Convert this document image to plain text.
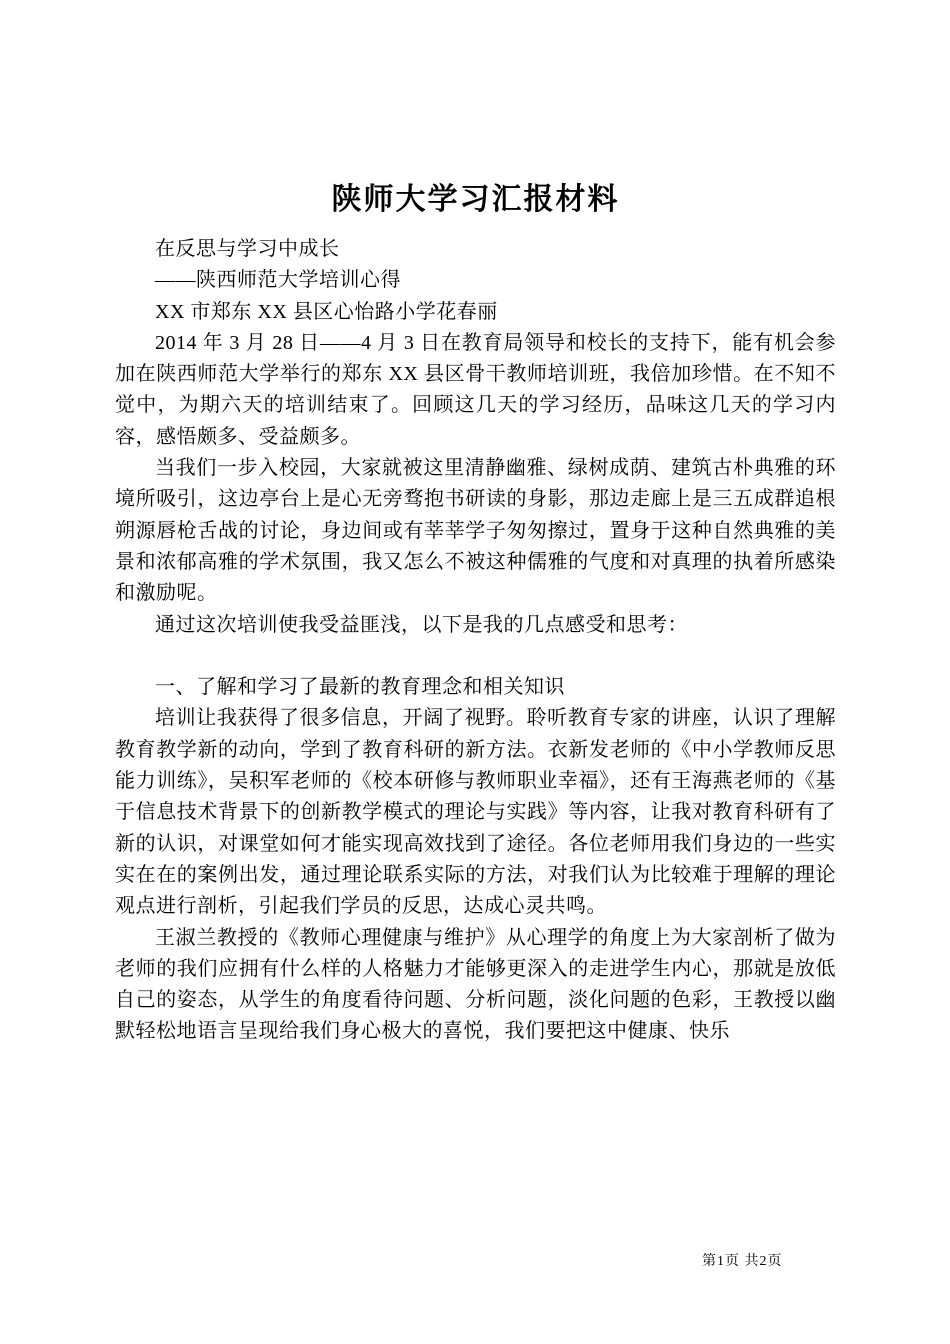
陕师大学习汇报材料

在反思与学习中成长

——陕西师范大学培训心得

XX 市郑东 XX 县区心怡路小学花春丽

2014 年 3 月 28 日——4 月 3 日在教育局领导和校长的支持下，能有机会参加在陕西师范大学举行的郑东 XX 县区骨干教师培训班，我倍加珍惜。在不知不觉中，为期六天的培训结束了。回顾这几天的学习经历，品味这几天的学习内容，感悟颇多、受益颇多。

当我们一步入校园，大家就被这里清静幽雅、绿树成荫、建筑古朴典雅的环境所吸引，这边亭台上是心无旁骛抱书研读的身影，那边走廊上是三五成群追根朔源唇枪舌战的讨论，身边间或有莘莘学子匆匆擦过，置身于这种自然典雅的美景和浓郁高雅的学术氛围，我又怎么不被这种儒雅的气度和对真理的执着所感染和激励呢。

通过这次培训使我受益匪浅，以下是我的几点感受和思考：

一、了解和学习了最新的教育理念和相关知识

培训让我获得了很多信息，开阔了视野。聆听教育专家的讲座，认识了理解教育教学新的动向，学到了教育科研的新方法。衣新发老师的《中小学教师反思能力训练》，吴积军老师的《校本研修与教师职业幸福》，还有王海燕老师的《基于信息技术背景下的创新教学模式的理论与实践》等内容，让我对教育科研有了新的认识，对课堂如何才能实现高效找到了途径。各位老师用我们身边的一些实实在在的案例出发，通过理论联系实际的方法，对我们认为比较难于理解的理论观点进行剖析，引起我们学员的反思，达成心灵共鸣。

王淑兰教授的《教师心理健康与维护》从心理学的角度上为大家剖析了做为老师的我们应拥有什么样的人格魅力才能够更深入的走进学生内心，那就是放低自己的姿态，从学生的角度看待问题、分析问题，淡化问题的色彩，王教授以幽默轻松地语言呈现给我们身心极大的喜悦，我们要把这中健康、快乐

第1页 共2页
